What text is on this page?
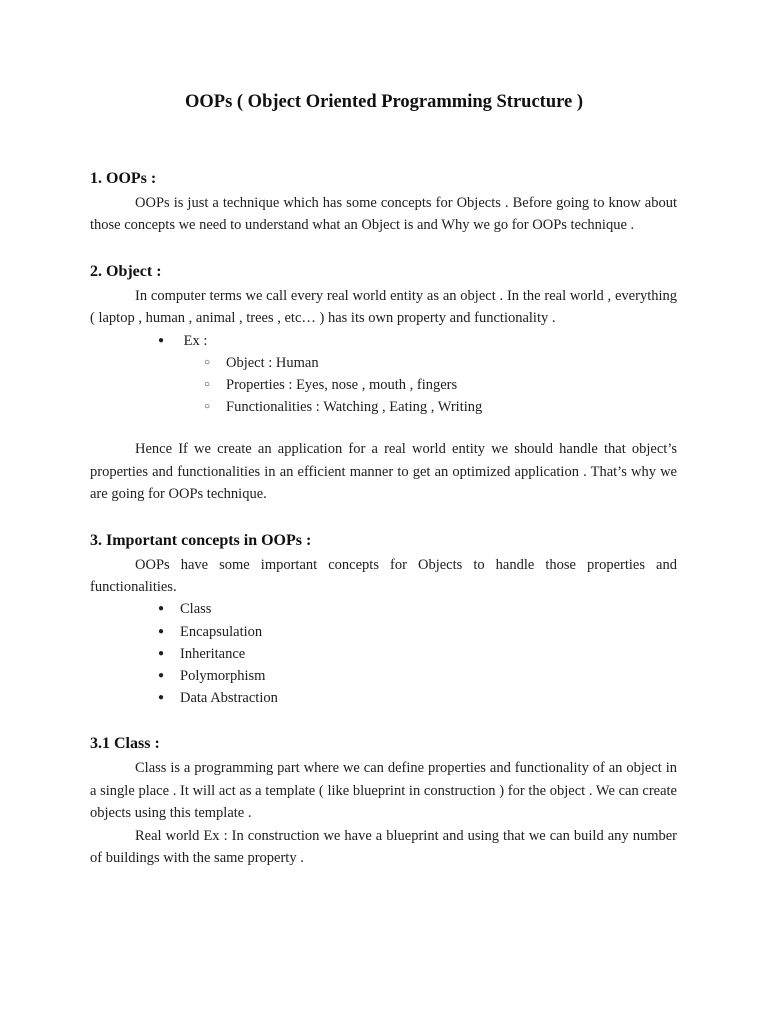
OOPs ( Object Oriented Programming Structure )
1. OOPs :

OOPs is just a technique which has some concepts for Objects . Before going to know about those concepts we need to understand what an Object is and Why we go for OOPs technique .

2. Object :

In computer terms we call every real world entity as an object . In the real world , everything ( laptop , human , animal , trees , etc… ) has its own property and functionality .

● Ex :
○ Object : Human
○ Properties : Eyes, nose , mouth , fingers
○ Functionalities : Watching , Eating , Writing

Hence If we create an application for a real world entity we should handle that object’s properties and functionalities in an efficient manner to get an optimized application . That’s why we are going for OOPs technique.

3. Important concepts in OOPs :

OOPs have some important concepts for Objects to handle those properties and functionalities.

● Class
● Encapsulation
● Inheritance
● Polymorphism
● Data Abstraction
3.1 Class :

Class is a programming part where we can define properties and functionality of an object in a single place . It will act as a template ( like blueprint in construction ) for the object . We can create objects using this template .

Real world Ex : In construction we have a blueprint and using that we can build any number of buildings with the same property .
